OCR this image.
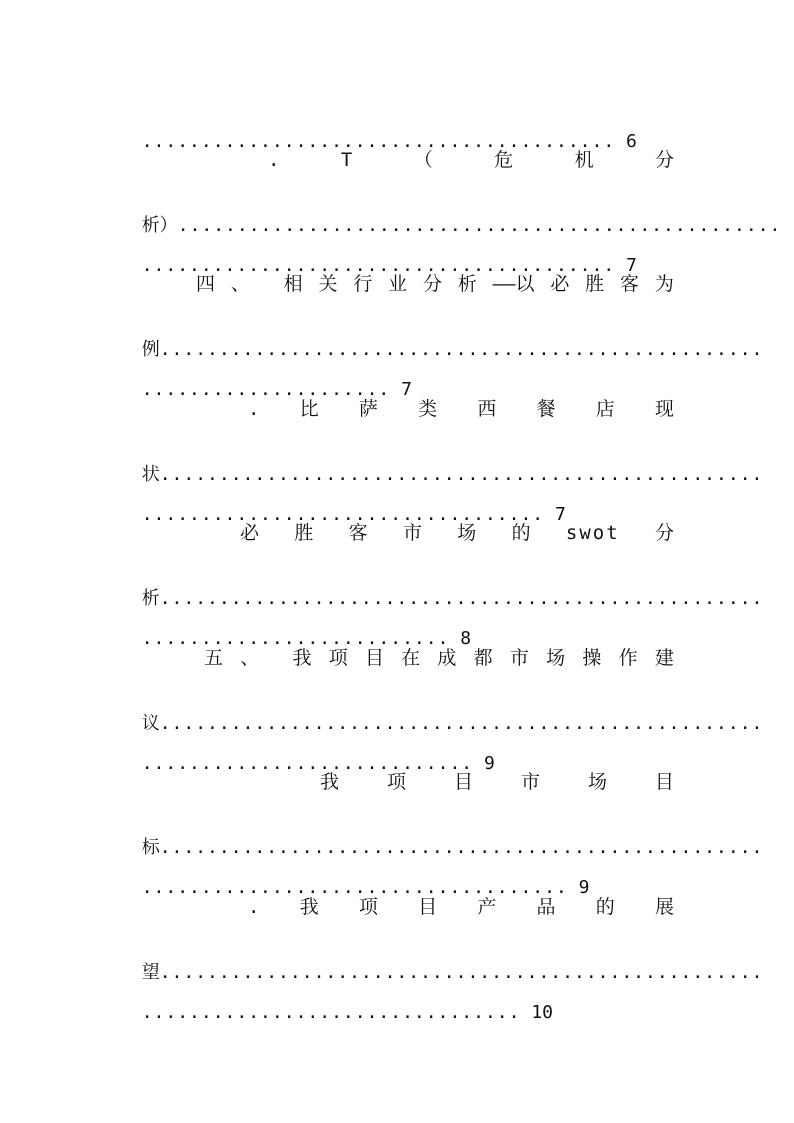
........................................ 6

.	T	（	危	机	分

析）...................................................

........................................ 7

四 、 相 关 行 业 分 析 ——以 必 胜 客 为

例...................................................

..................... 7

. 比 萨 类 西 餐 店 现

状...................................................

.................................. 7

必 胜 客 市 场 的 swot 分

析...................................................

.......................... 8

五 、 我 项 目 在 成 都 市 场 操 作 建

议...................................................

............................ 9

我	项	目	市	场	目

标...................................................

.................................... 9

. 我 项 目 产 品 的 展

望...................................................

................................ 10
